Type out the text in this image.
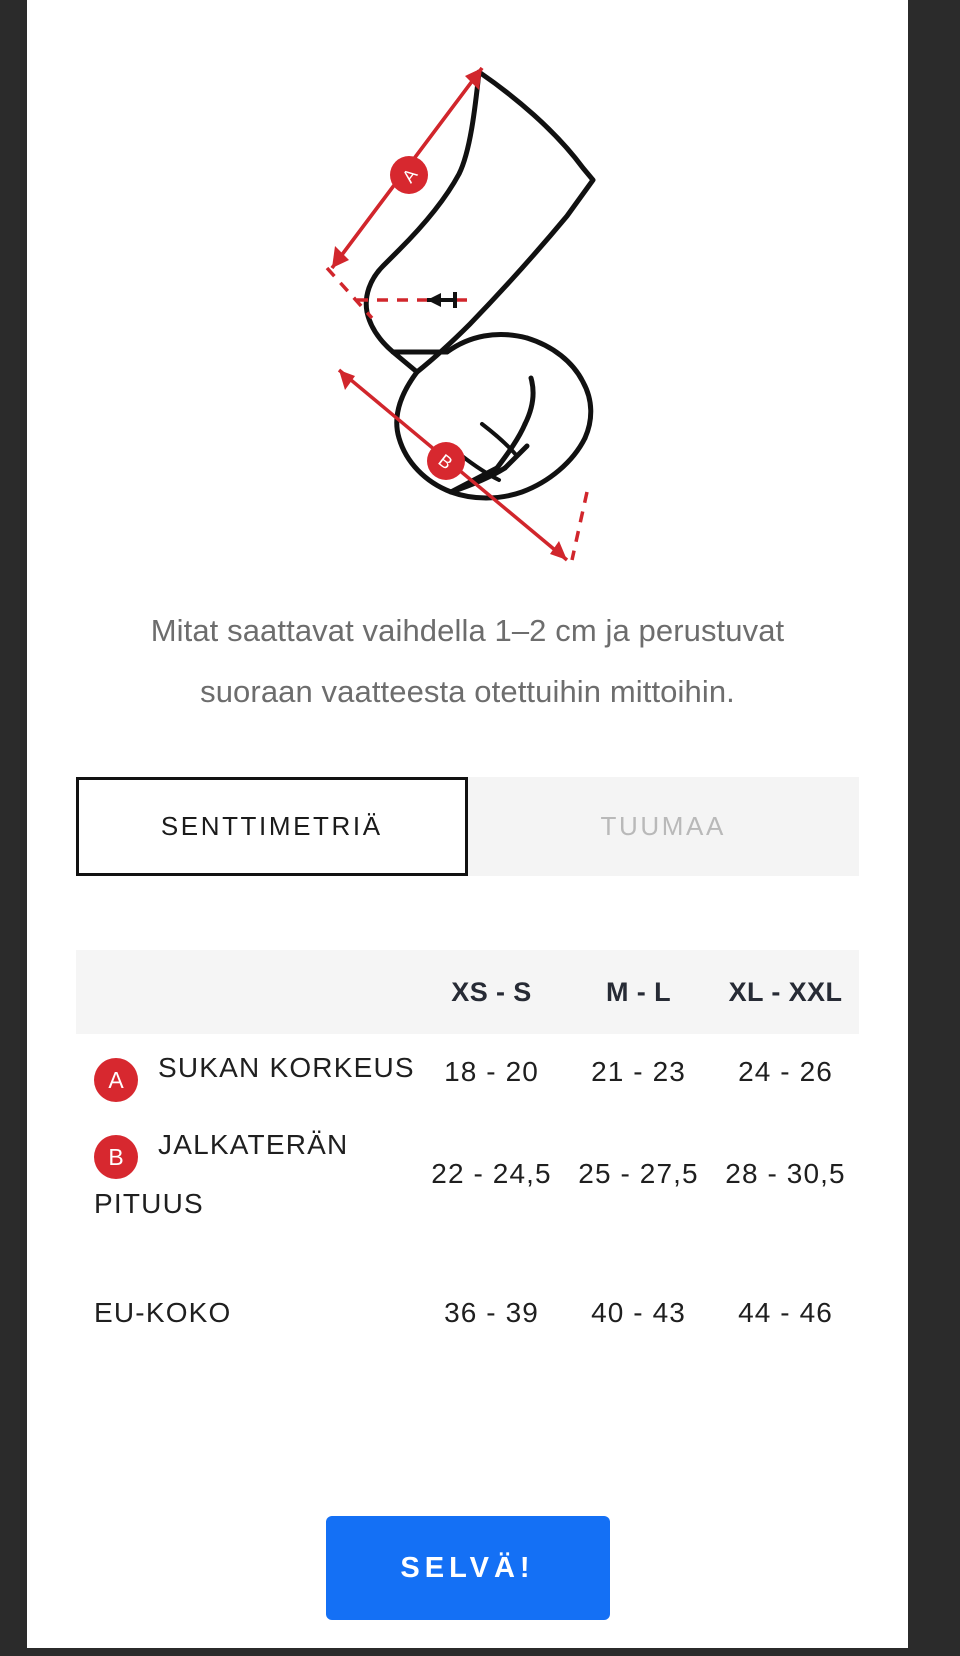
A
B

Mitat saattavat vaihdella 1–2 cm ja perustuvat suoraan vaatteesta otettuihin mittoihin.

SENTTIMETRIÄ	TUUMAA
	XS - S	M - L	XL - XXL
A SUKAN KORKEUS	18 - 20	21 - 23	24 - 26
B JALKATERÄN PITUUS	22 - 24,5	25 - 27,5	28 - 30,5
EU-KOKO	36 - 39	40 - 43	44 - 46
SELVÄ!
